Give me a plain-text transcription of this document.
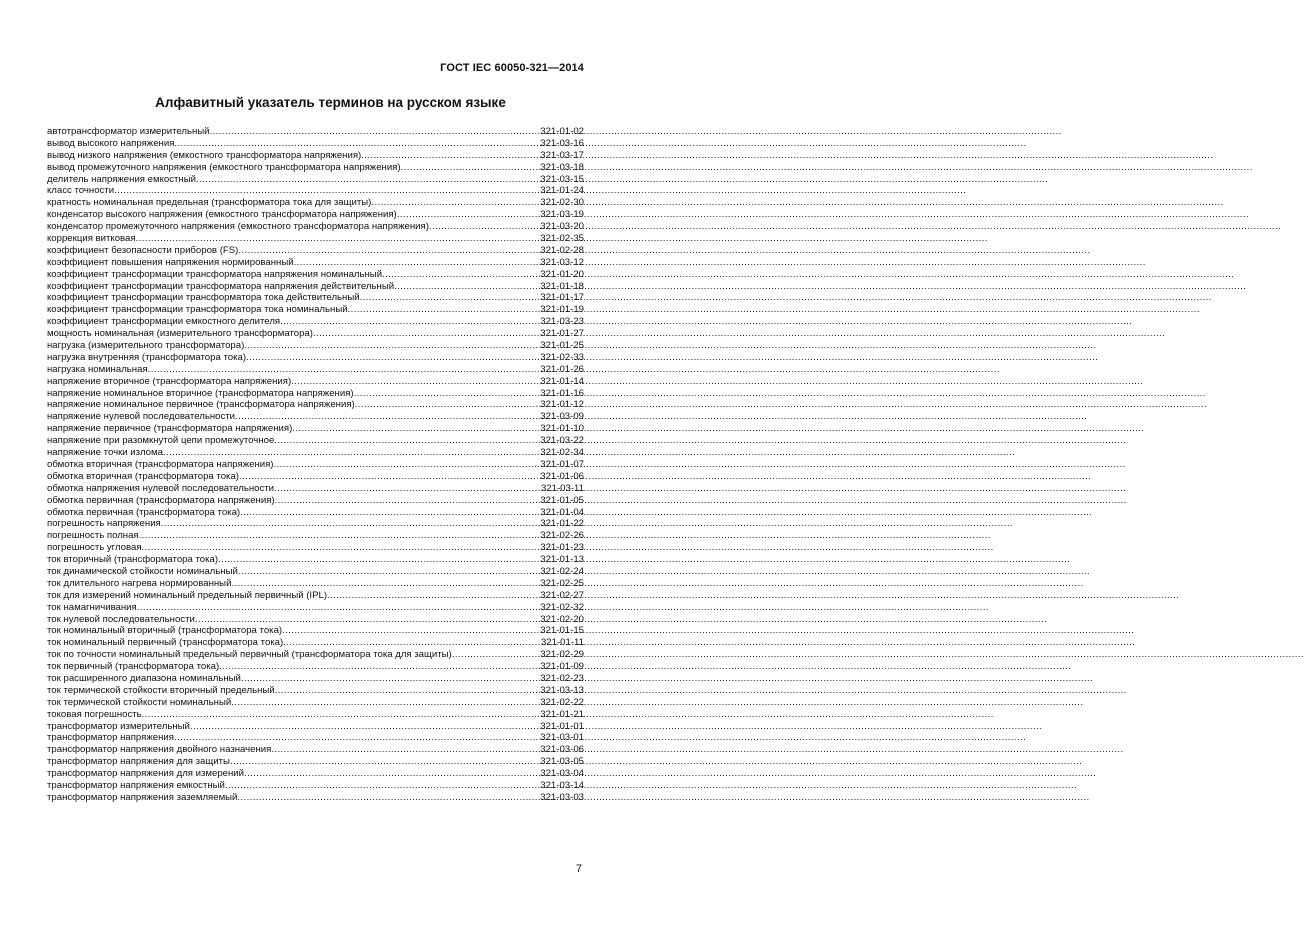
ГОСТ IEC 60050-321—2014
Алфавитный указатель терминов на русском языке
автотрансформатор измерительный .....	321-01-02
вывод высокого напряжения .....	321-03-16
вывод низкого напряжения (емкостного трансформатора напряжения) .....	321-03-17
вывод промежуточного напряжения (емкостного трансформатора напряжения) .....	321-03-18
делитель напряжения емкостный .....	321-03-15
класс точности .....	321-01-24
кратность номинальная предельная (трансформатора тока для защиты) .....	321-02-30
конденсатор высокого напряжения (емкостного трансформатора напряжения) .....	321-03-19
конденсатор промежуточного напряжения (емкостного трансформатора напряжения) .....	321-03-20
коррекция витковая .....	321-02-35
коэффициент безопасности приборов (FS) .....	321-02-28
коэффициент повышения напряжения нормированный .....	321-03-12
коэффициент трансформации трансформатора напряжения номинальный .....	321-01-20
коэффициент трансформации трансформатора напряжения действительный .....	321-01-18
коэффициент трансформации трансформатора тока действительный .....	321-01-17
коэффициент трансформации трансформатора тока номинальный .....	321-01-19
коэффициент трансформации емкостного делителя .....	321-03-23
мощность номинальная (измерительного трансформатора) .....	321-01-27
нагрузка (измерительного трансформатора) .....	321-01-25
нагрузка внутренняя (трансформатора тока) .....	321-02-33
нагрузка номинальная .....	321-01-26
напряжение вторичное (трансформатора напряжения) .....	321-01-14
напряжение номинальное вторичное (трансформатора напряжения) .....	321-01-16
напряжение номинальное первичное (трансформатора напряжения) .....	321-01-12
напряжение нулевой последовательности .....	321-03-09
напряжение первичное (трансформатора напряжения) .....	321-01-10
напряжение при разомкнутой цепи промежуточное .....	321-03-22
напряжение точки излома .....	321-02-34
обмотка вторичная (трансформатора напряжения) .....	321-01-07
обмотка вторичная (трансформатора тока) .....	321-01-06
обмотка напряжения нулевой последовательности .....	321-03-11
обмотка первичная (трансформатора напряжения) .....	321-01-05
обмотка первичная (трансформатора тока) .....	321-01-04
погрешность напряжения .....	321-01-22
погрешность полная .....	321-02-26
погрешность угловая .....	321-01-23
ток вторичный (трансформатора тока) .....	321-01-13
ток динамической стойкости номинальный .....	321-02-24
ток длительного нагрева нормированный .....	321-02-25
ток для измерений номинальный предельный первичный (IPL) .....	321-02-27
ток намагничивания .....	321-02-32
ток нулевой последовательности .....	321-02-20
ток номинальный вторичный (трансформатора тока) .....	321-01-15
ток номинальный первичный (трансформатора тока) .....	321-01-11
ток по точности номинальный предельный первичный (трансформатора тока для защиты) .....	321-02-29
ток первичный (трансформатора тока) .....	321-01-09
ток расширенного диапазона номинальный .....	321-02-23
ток термической стойкости вторичный предельный .....	321-03-13
ток термической стойкости номинальный .....	321-02-22
токовая погрешность .....	321-01-21
трансформатор измерительный .....	321-01-01
трансформатор напряжения .....	321-03-01
трансформатор напряжения двойного назначения .....	321-03-06
трансформатор напряжения для защиты .....	321-03-05
трансформатор напряжения для измерений .....	321-03-04
трансформатор напряжения емкостный .....	321-03-14
трансформатор напряжения заземляемый .....	321-03-03
7
